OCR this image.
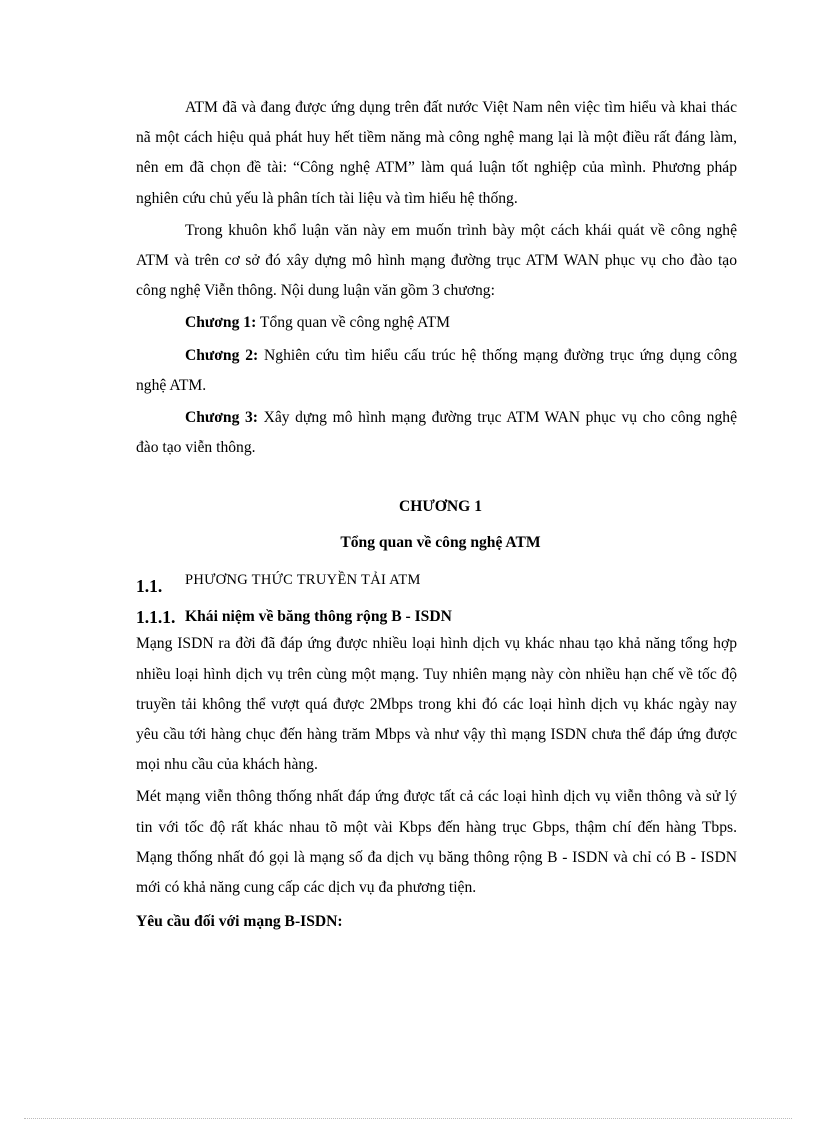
ATM đã và đang được ứng dụng trên đất nước Việt Nam nên việc tìm hiểu và khai thác nã một cách hiệu quả phát huy hết tiềm năng mà công nghệ mang lại là một điều rất đáng làm, nên em đã chọn đề tài: “Công nghệ ATM” làm quá luận tốt nghiệp của mình. Phương pháp nghiên cứu chủ yếu là phân tích tài liệu và tìm hiểu hệ thống.

Trong khuôn khổ luận văn này em muốn trình bày một cách khái quát về công nghệ ATM và trên cơ sở đó xây dựng mô hình mạng đường trục ATM WAN phục vụ cho đào tạo công nghệ Viễn thông. Nội dung luận văn gồm 3 chương:

Chương 1: Tổng quan về công nghệ ATM

Chương 2: Nghiên cứu tìm hiểu cấu trúc hệ thống mạng đường trục ứng dụng công nghệ ATM.

Chương 3: Xây dựng mô hình mạng đường trục ATM WAN phục vụ cho công nghệ đào tạo viễn thông.

CHƯƠNG 1
Tổng quan về công nghệ ATM
1.1.	PHƯƠNG THỨC TRUYỀN TẢI ATM
1.1.1. Khái niệm về băng thông rộng B - ISDN

Mạng ISDN ra đời đã đáp ứng được nhiều loại hình dịch vụ khác nhau tạo khả năng tổng hợp nhiều loại hình dịch vụ trên cùng một mạng. Tuy nhiên mạng này còn nhiều hạn chế về tốc độ truyền tải không thể vượt quá được 2Mbps trong khi đó các loại hình dịch vụ khác ngày nay yêu cầu tới hàng chục đến hàng trăm Mbps và như vậy thì mạng ISDN chưa thể đáp ứng được mọi nhu cầu của khách hàng.

Mét mạng viễn thông thống nhất đáp ứng được tất cả các loại hình dịch vụ viễn thông và sử lý tin với tốc độ rất khác nhau tõ một vài Kbps đến hàng trục Gbps, thậm chí đến hàng Tbps. Mạng thống nhất đó gọi là mạng số đa dịch vụ băng thông rộng B - ISDN và chỉ có B - ISDN mới có khả năng cung cấp các dịch vụ đa phương tiện.

Yêu cầu đối với mạng B-ISDN:
